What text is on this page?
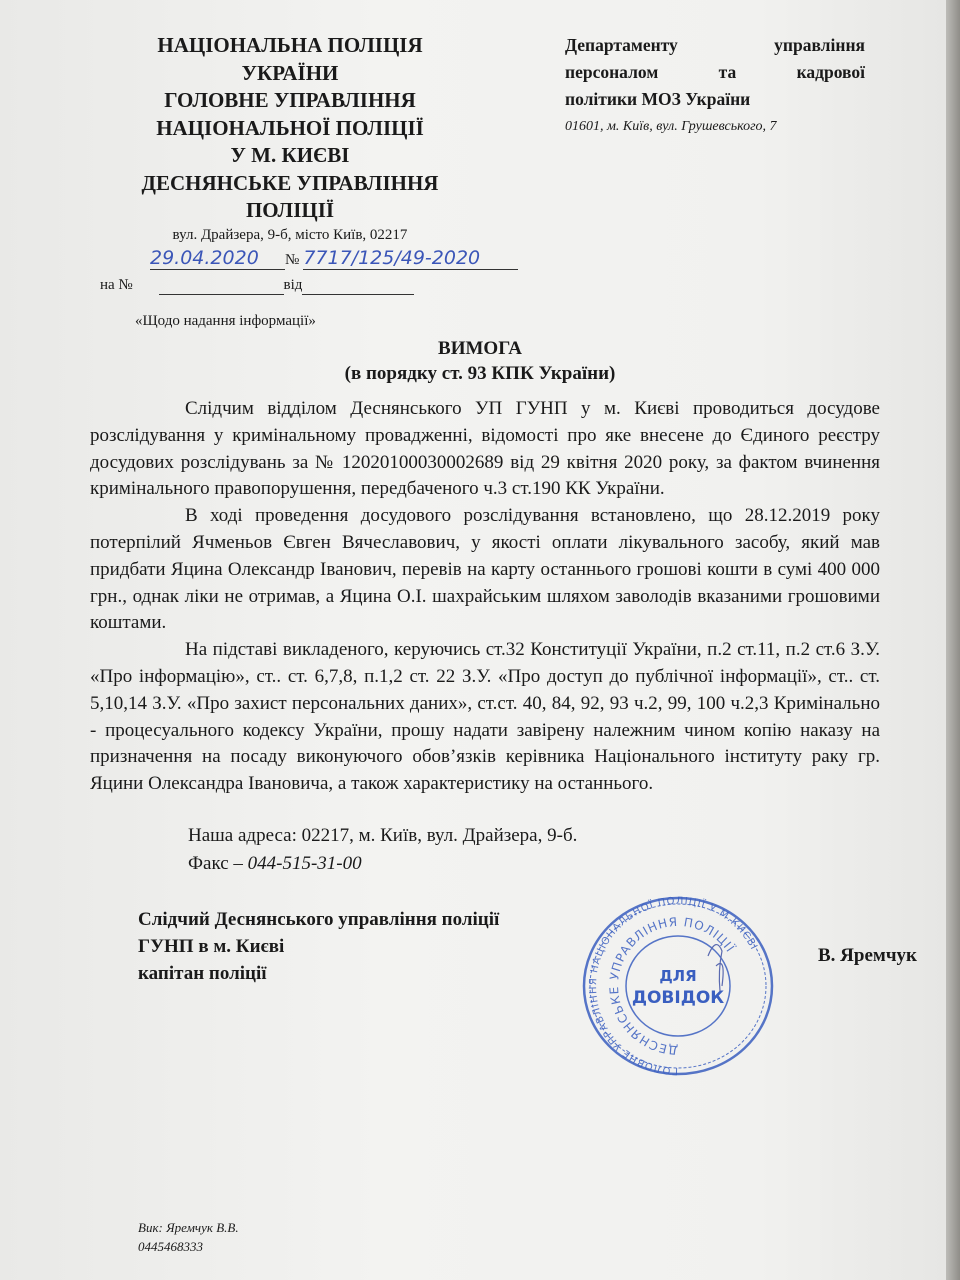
НАЦІОНАЛЬНА ПОЛІЦІЯ
УКРАЇНИ
ГОЛОВНЕ УПРАВЛІННЯ
НАЦІОНАЛЬНОЇ ПОЛІЦІЇ
У М. КИЄВІ
ДЕСНЯНСЬКЕ УПРАВЛІННЯ
ПОЛІЦІЇ
вул. Драйзера, 9-б, місто Київ, 02217
29.04.2020 № 7717/125/49-2020
на №	від
«Щодо надання інформації»
Департаменту управління
персоналом та кадрової
політики МОЗ України
01601, м. Київ, вул. Грушевського, 7
ВИМОГА
(в порядку ст. 93 КПК України)

Слідчим відділом Деснянського УП ГУНП у м. Києві проводиться досудове розслідування у кримінальному провадженні, відомості про яке внесене до Єдиного реєстру досудових розслідувань за № 12020100030002689 від 29 квітня 2020 року, за фактом вчинення кримінального правопорушення, передбаченого ч.3 ст.190 КК України.

В ході проведення досудового розслідування встановлено, що 28.12.2019 року потерпілий Ячменьов Євген Вячеславович, у якості оплати лікувального засобу, який мав придбати Яцина Олександр Іванович, перевів на карту останнього грошові кошти в сумі 400 000 грн., однак ліки не отримав, а Яцина О.І. шахрайським шляхом заволодів вказаними грошовими коштами.

На підставі викладеного, керуючись ст.32 Конституції України, п.2 ст.11, п.2 ст.6 З.У. «Про інформацію», ст.. ст. 6,7,8, п.1,2 ст. 22 З.У. «Про доступ до публічної інформації», ст.. ст. 5,10,14 З.У. «Про захист персональних даних», ст.ст. 40, 84, 92, 93 ч.2, 99, 100 ч.2,3 Кримінально - процесуального кодексу України, прошу надати завірену належним чином копію наказу на призначення на посаду виконуючого обов’язків керівника Національного інституту раку гр. Яцини Олександра Івановича, а також характеристику на останнього.

Наша адреса: 02217, м. Київ, вул. Драйзера, 9-б.
Факс – 044-515-31-00
Слідчий Деснянського управління поліції
ГУНП в м. Києві
капітан поліції
ГОЛОВНЕ УПРАВЛІННЯ НАЦІОНАЛЬНОЇ ПОЛІЦІЇ У М.КИЄВІ
ДЕСНЯНСЬКЕ УПРАВЛІННЯ ПОЛІЦІЇ
ДЛЯ
ДОВІДОК
В. Яремчук
Вик: Яремчук В.В.
0445468333
